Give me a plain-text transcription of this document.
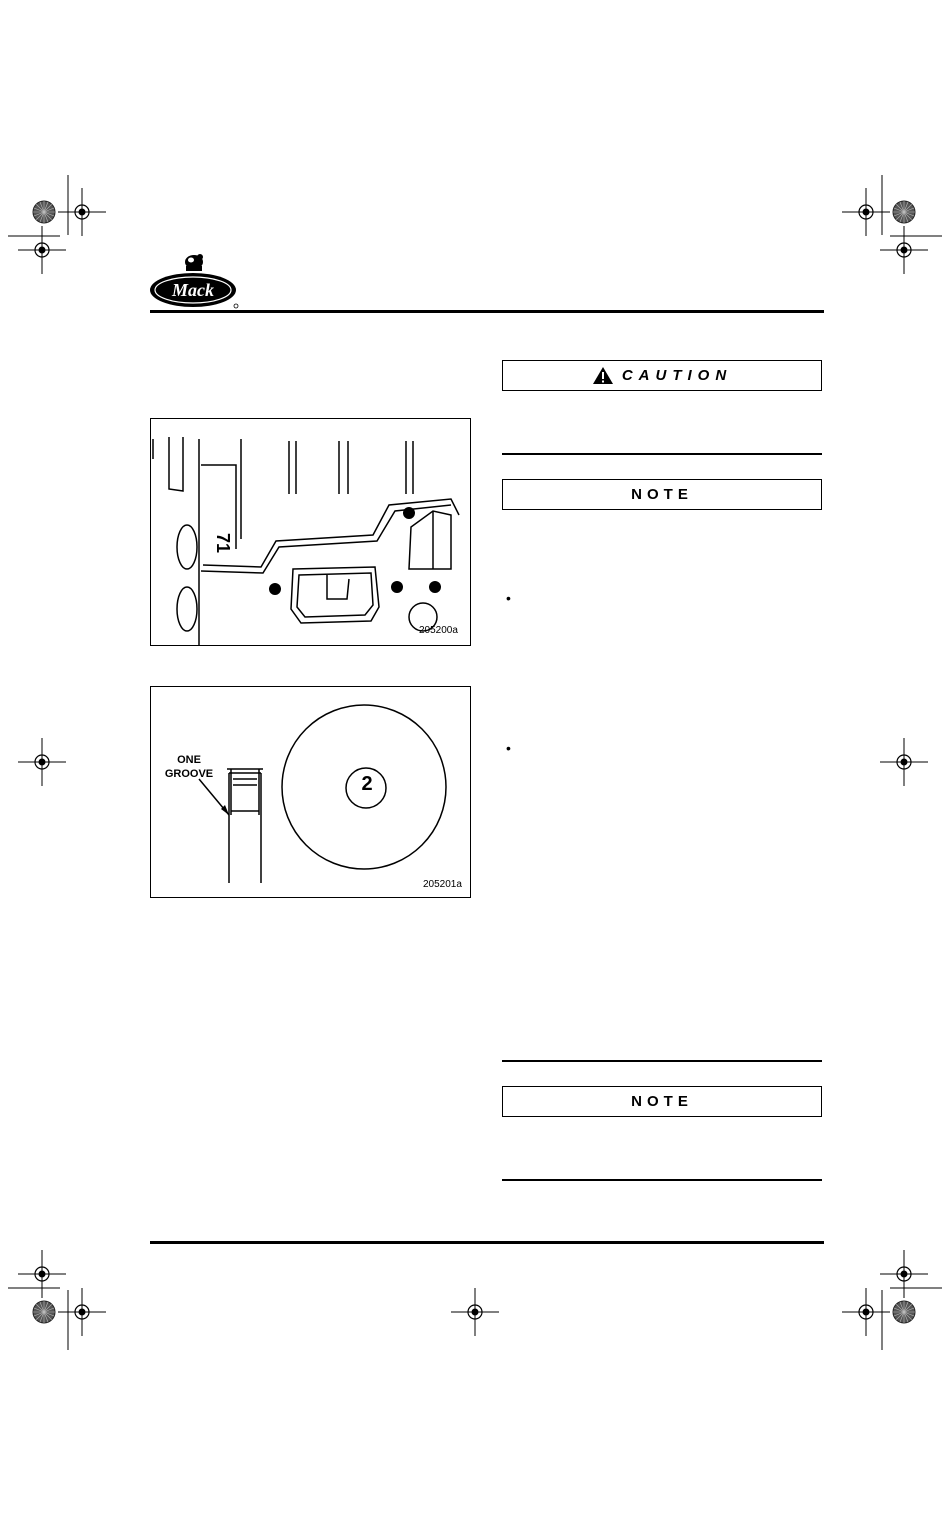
Mack
71
205200a
ONE
GROOVE	2
205201a
CAUTION
NOTE
•
•
NOTE
